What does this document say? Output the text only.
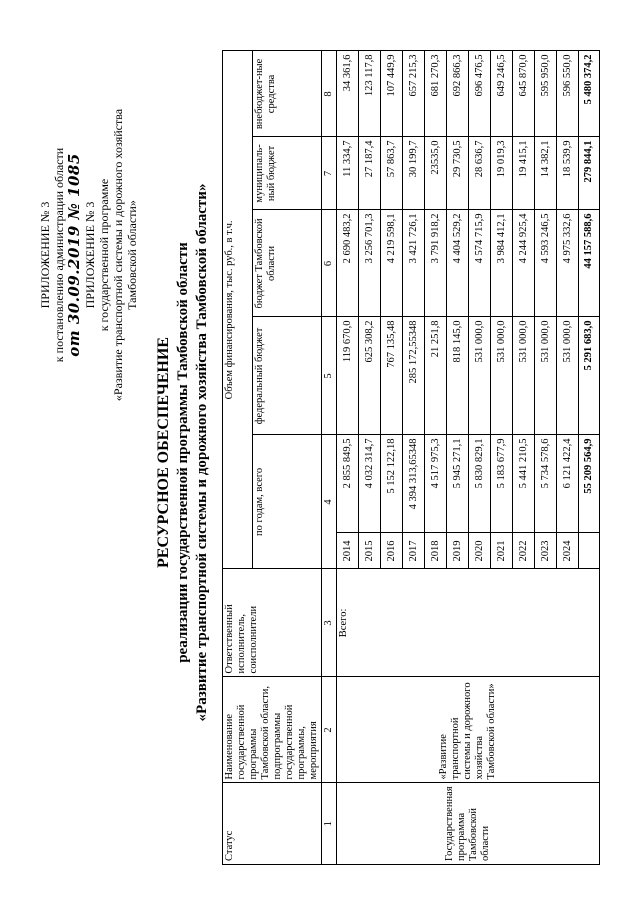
ПРИЛОЖЕНИЕ № 3 к постановлению администрации области от 30.09.2019 № 1085 ПРИЛОЖЕНИЕ № 3 к государственной программе «Развитие транспортной системы и дорожного хозяйства Тамбовской области»
РЕСУРСНОЕ ОБЕСПЕЧЕНИЕ реализации государственной программы Тамбовской области «Развитие транспортной системы и дорожного хозяйства Тамбовской области»
Статус	Наименование государственной программы Тамбовской области, подпрограммы государственной программы, мероприятия	Ответственный исполнитель, соисполнители	Объем финансирования, тыс. руб., в т.ч.					
			по годам, всего		федеральный бюджет	бюджет Тамбовской области	муниципаль-ный бюджет	внебюджет-ные средства
1	2	3	4		5	6	7	8
Государственная программа Тамбовской области	«Развитие транспортной системы и дорожного хозяйства Тамбовской области»	Всего:	2014	2 855 849,5	119 670,0	2 690 483,2	11 334,7	34 361,6
			2015	4 032 314,7	625 308,2	3 256 701,3	27 187,4	123 117,8
			2016	5 152 122,18	767 135,48	4 219 598,1	57 863,7	107 449,9
			2017	4 394 313,65348	285 172,55348	3 421 726,1	30 199,7	657 215,3
			2018	4 517 975,3	21 251,8	3 791 918,2	23535,0	681 270,3
			2019	5 945 271,1	818 145,0	4 404 529,2	29 730,5	692 866,3
			2020	5 830 829,1	531 000,0	4 574 715,9	28 636,7	696 476,5
			2021	5 183 677,9	531 000,0	3 984 412,1	19 019,3	649 246,5
			2022	5 441 210,5	531 000,0	4 244 925,4	19 415,1	645 870,0
			2023	5 734 578,6	531 000,0	4 593 246,5	14 382,1	595 950,0
			2024	6 121 422,4	531 000,0	4 975 332,6	18 539,9	596 550,0
				55 209 564,9	5 291 683,0	44 157 588,6	279 844,1	5 480 374,2
